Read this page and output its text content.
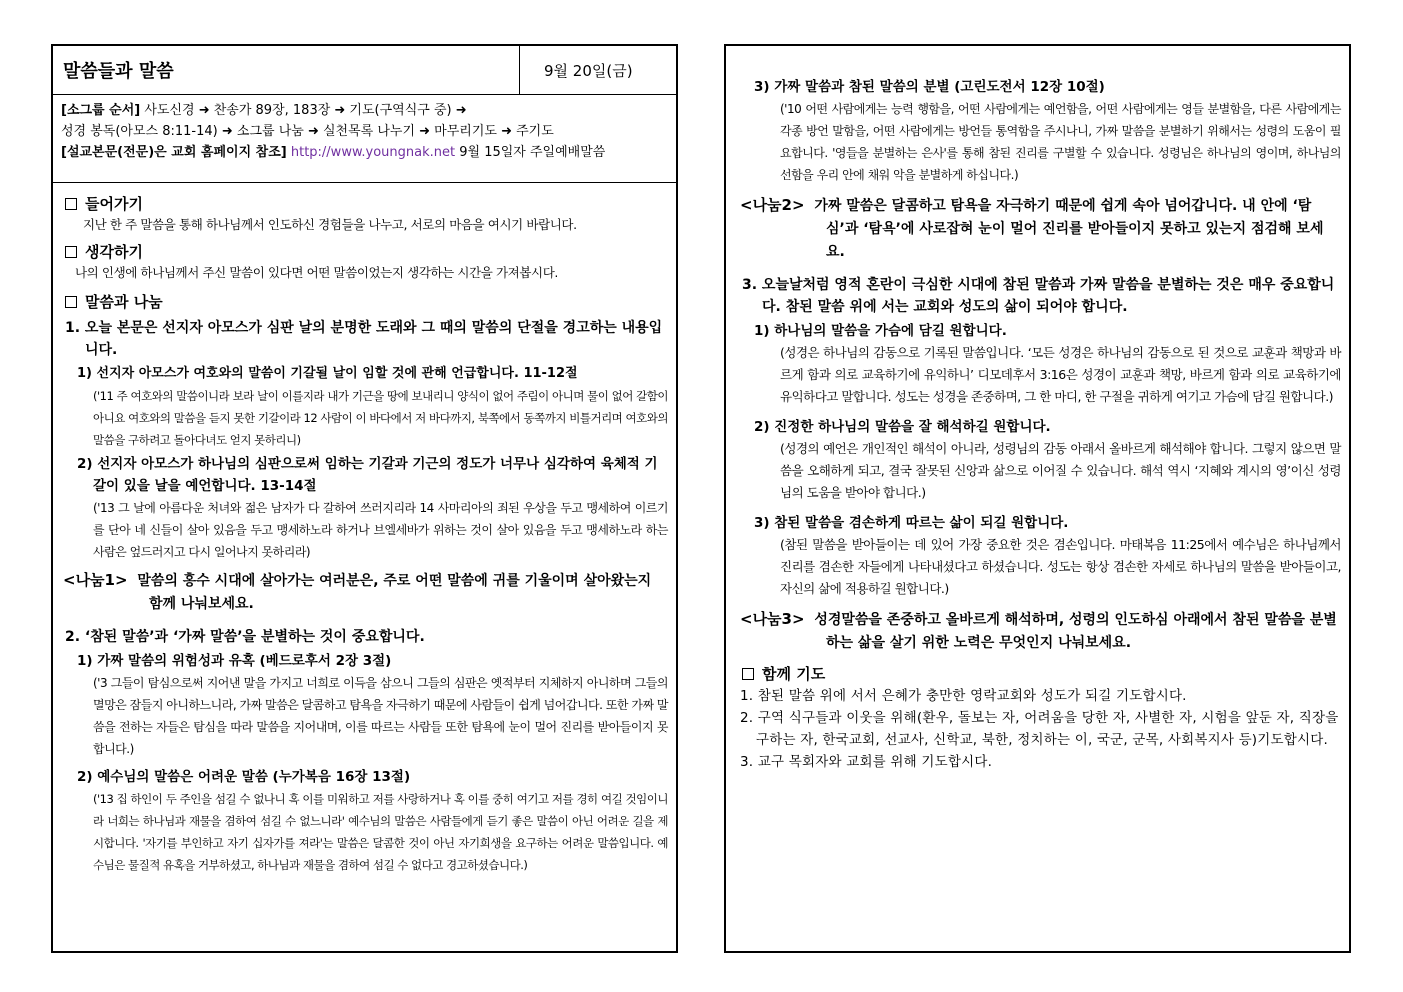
말씀들과 말씀	9월 20일(금)
[소그룹 순서] 사도신경 ➜ 찬송가 89장, 183장 ➜ 기도(구역식구 중) ➜
성경 봉독(아모스 8:11-14) ➜ 소그룹 나눔 ➜ 실천목록 나누기 ➜ 마무리기도 ➜ 주기도
[설교본문(전문)은 교회 홈페이지 참조] http://www.youngnak.net 9월 15일자 주일예배말씀
들어가기
지난 한 주 말씀을 통해 하나님께서 인도하신 경험들을 나누고, 서로의 마음을 여시기 바랍니다.
생각하기
나의 인생에 하나님께서 주신 말씀이 있다면 어떤 말씀이었는지 생각하는 시간을 가져봅시다.
말씀과 나눔
1. 오늘 본문은 선지자 아모스가 심판 날의 분명한 도래와 그 때의 말씀의 단절을 경고하는 내용입니다.
1) 선지자 아모스가 여호와의 말씀이 기갈될 날이 임할 것에 관해 언급합니다. 11-12절
('11 주 여호와의 말씀이니라 보라 날이 이를지라 내가 기근을 땅에 보내리니 양식이 없어 주림이 아니며 물이 없어 갈함이 아니요 여호와의 말씀을 듣지 못한 기갈이라 12 사람이 이 바다에서 저 바다까지, 북쪽에서 동쪽까지 비틀거리며 여호와의 말씀을 구하려고 돌아다녀도 얻지 못하리니)
2) 선지자 아모스가 하나님의 심판으로써 임하는 기갈과 기근의 정도가 너무나 심각하여 육체적 기갈이 있을 날을 예언합니다. 13-14절
('13 그 날에 아름다운 처녀와 젊은 남자가 다 갈하여 쓰러지리라 14 사마리아의 죄된 우상을 두고 맹세하여 이르기를 단아 네 신들이 살아 있음을 두고 맹세하노라 하거나 브엘세바가 위하는 것이 살아 있음을 두고 맹세하노라 하는 사람은 엎드러지고 다시 일어나지 못하리라)
<나눔1> 말씀의 홍수 시대에 살아가는 여러분은, 주로 어떤 말씀에 귀를 기울이며 살아왔는지 함께 나눠보세요.
2. ‘참된 말씀’과 ‘가짜 말씀’을 분별하는 것이 중요합니다.
1) 가짜 말씀의 위험성과 유혹 (베드로후서 2장 3절)
('3 그들이 탐심으로써 지어낸 말을 가지고 너희로 이득을 삼으니 그들의 심판은 옛적부터 지체하지 아니하며 그들의 멸망은 잠들지 아니하느니라, 가짜 말씀은 달콤하고 탐욕을 자극하기 때문에 사람들이 쉽게 넘어갑니다. 또한 가짜 말씀을 전하는 자들은 탐심을 따라 말씀을 지어내며, 이를 따르는 사람들 또한 탐욕에 눈이 멀어 진리를 받아들이지 못합니다.)
2) 예수님의 말씀은 어려운 말씀 (누가복음 16장 13절)
('13 집 하인이 두 주인을 섬길 수 없나니 혹 이를 미워하고 저를 사랑하거나 혹 이를 중히 여기고 저를 경히 여길 것임이니라 너희는 하나님과 재물을 겸하여 섬길 수 없느니라' 예수님의 말씀은 사람들에게 듣기 좋은 말씀이 아닌 어려운 길을 제시합니다. '자기를 부인하고 자기 십자가를 져라'는 말씀은 달콤한 것이 아닌 자기희생을 요구하는 어려운 말씀입니다. 예수님은 물질적 유혹을 거부하셨고, 하나님과 재물을 겸하여 섬길 수 없다고 경고하셨습니다.)
3) 가짜 말씀과 참된 말씀의 분별 (고린도전서 12장 10절)
('10 어떤 사람에게는 능력 행함을, 어떤 사람에게는 예언함을, 어떤 사람에게는 영들 분별함을, 다른 사람에게는 각종 방언 말함을, 어떤 사람에게는 방언들 통역함을 주시나니, 가짜 말씀을 분별하기 위해서는 성령의 도움이 필요합니다. '영들을 분별하는 은사'를 통해 참된 진리를 구별할 수 있습니다. 성령님은 하나님의 영이며, 하나님의 선함을 우리 안에 채워 악을 분별하게 하십니다.)
<나눔2> 가짜 말씀은 달콤하고 탐욕을 자극하기 때문에 쉽게 속아 넘어갑니다. 내 안에 ‘탐심’과 ‘탐욕’에 사로잡혀 눈이 멀어 진리를 받아들이지 못하고 있는지 점검해 보세요.
3. 오늘날처럼 영적 혼란이 극심한 시대에 참된 말씀과 가짜 말씀을 분별하는 것은 매우 중요합니다. 참된 말씀 위에 서는 교회와 성도의 삶이 되어야 합니다.
1) 하나님의 말씀을 가슴에 담길 원합니다.
(성경은 하나님의 감동으로 기록된 말씀입니다. ‘모든 성경은 하나님의 감동으로 된 것으로 교훈과 책망과 바르게 함과 의로 교육하기에 유익하니’ 디모데후서 3:16은 성경이 교훈과 책망, 바르게 함과 의로 교육하기에 유익하다고 말합니다. 성도는 성경을 존중하며, 그 한 마디, 한 구절을 귀하게 여기고 가슴에 담길 원합니다.)
2) 진정한 하나님의 말씀을 잘 해석하길 원합니다.
(성경의 예언은 개인적인 해석이 아니라, 성령님의 감동 아래서 올바르게 해석해야 합니다. 그렇지 않으면 말씀을 오해하게 되고, 결국 잘못된 신앙과 삶으로 이어질 수 있습니다. 해석 역시 ‘지혜와 계시의 영’이신 성령님의 도움을 받아야 합니다.)
3) 참된 말씀을 겸손하게 따르는 삶이 되길 원합니다.
(참된 말씀을 받아들이는 데 있어 가장 중요한 것은 겸손입니다. 마태복음 11:25에서 예수님은 하나님께서 진리를 겸손한 자들에게 나타내셨다고 하셨습니다. 성도는 항상 겸손한 자세로 하나님의 말씀을 받아들이고, 자신의 삶에 적용하길 원합니다.)
<나눔3> 성경말씀을 존중하고 올바르게 해석하며, 성령의 인도하심 아래에서 참된 말씀을 분별하는 삶을 살기 위한 노력은 무엇인지 나눠보세요.
함께 기도
1. 참된 말씀 위에 서서 은혜가 충만한 영락교회와 성도가 되길 기도합시다.
2. 구역 식구들과 이웃을 위해(환우, 돌보는 자, 어려움을 당한 자, 사별한 자, 시험을 앞둔 자, 직장을 구하는 자, 한국교회, 선교사, 신학교, 북한, 정치하는 이, 국군, 군목, 사회복지사 등)기도합시다.
3. 교구 목회자와 교회를 위해 기도합시다.
